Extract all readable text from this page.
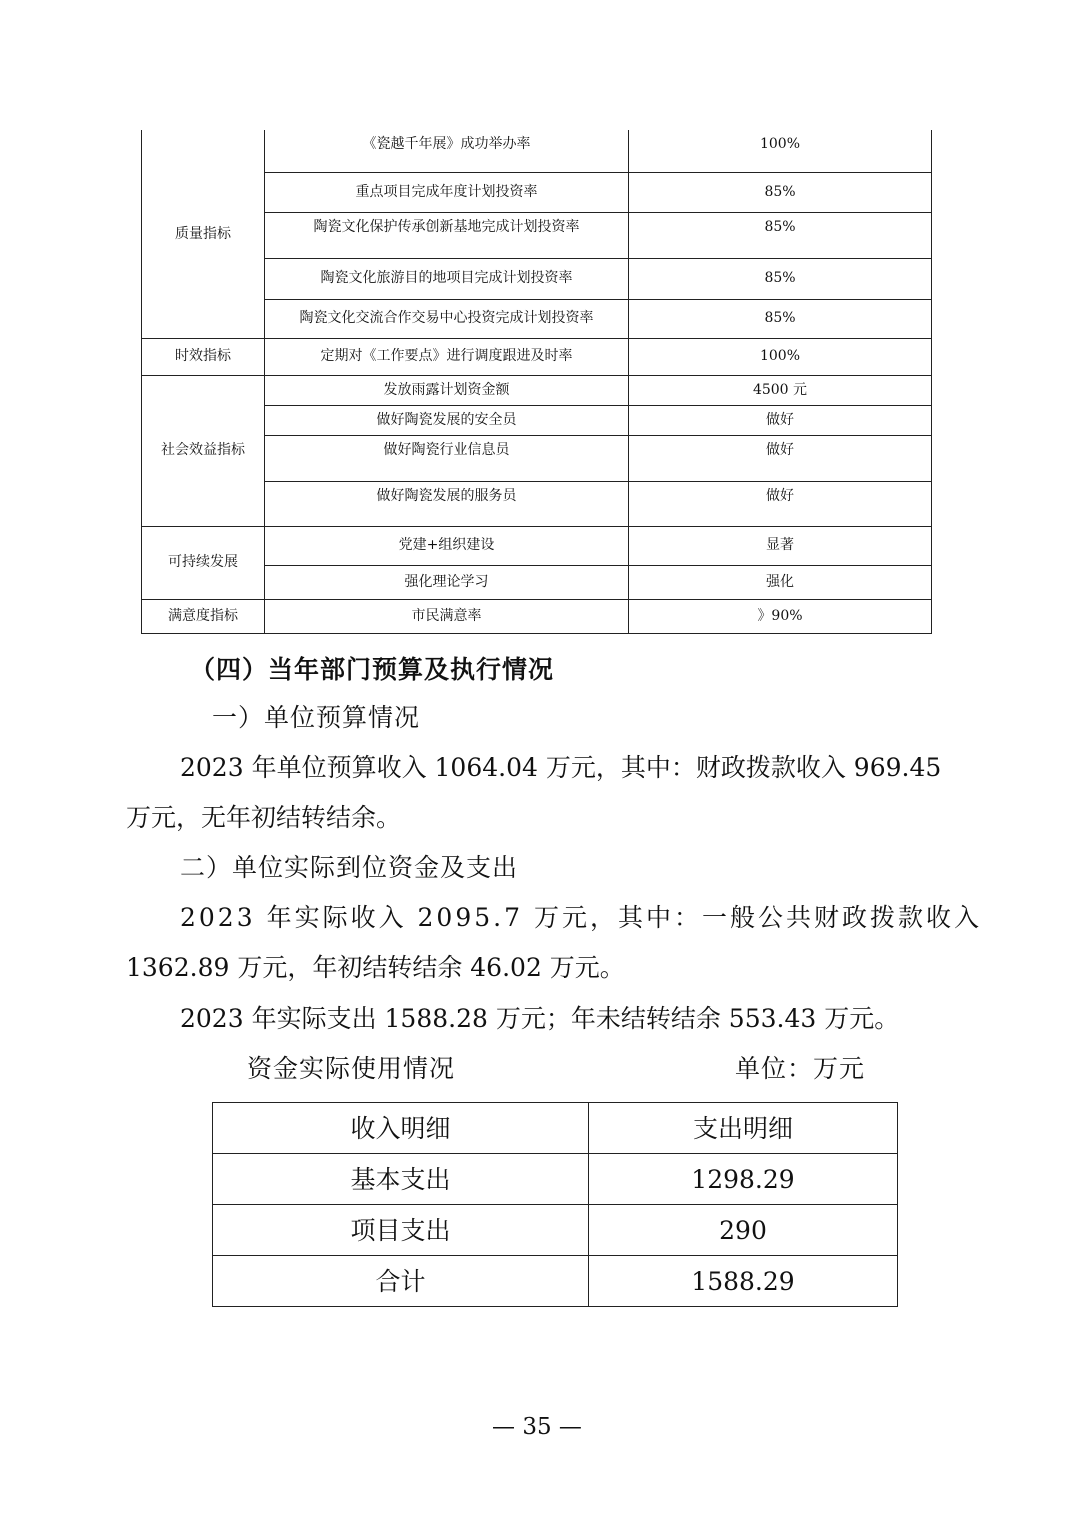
质量指标	《瓷越千年展》成功举办率	100%
	重点项目完成年度计划投资率	85%
	陶瓷文化保护传承创新基地完成计划投资率	85%
	陶瓷文化旅游目的地项目完成计划投资率	85%
	陶瓷文化交流合作交易中心投资完成计划投资率	85%
时效指标	定期对《工作要点》进行调度跟进及时率	100%
社会效益指标	发放雨露计划资金额	4500 元
	做好陶瓷发展的安全员	做好
	做好陶瓷行业信息员	做好
	做好陶瓷发展的服务员	做好
可持续发展	党建+组织建设	显著
	强化理论学习	强化
满意度指标	市民满意率	》90%
（四）当年部门预算及执行情况

一）单位预算情况

2023 年单位预算收入 1064.04 万元，其中：财政拨款收入 969.45

万元，无年初结转结余。

二）单位实际到位资金及支出

2023 年实际收入 2095.7 万元，其中：一般公共财政拨款收入

1362.89 万元，年初结转结余 46.02 万元。

2023 年实际支出 1588.28 万元；年未结转结余 553.43 万元。

资金实际使用情况	单位：万元

收入明细	支出明细
基本支出	1298.29
项目支出	290
合计	1588.29
— 35 —
